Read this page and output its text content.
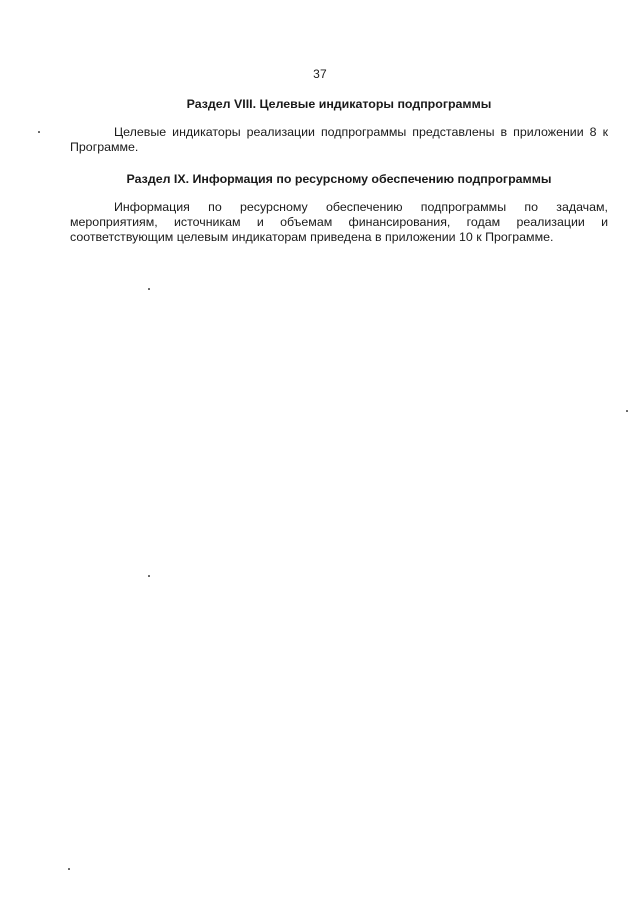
37
Раздел VIII. Целевые индикаторы подпрограммы

Целевые индикаторы реализации подпрограммы представлены в приложении 8 к Программе.

Раздел IX. Информация по ресурсному обеспечению подпрограммы

Информация по ресурсному обеспечению подпрограммы по задачам, мероприятиям, источникам и объемам финансирования, годам реализации и соответствующим целевым индикаторам приведена в приложении 10 к Программе.
